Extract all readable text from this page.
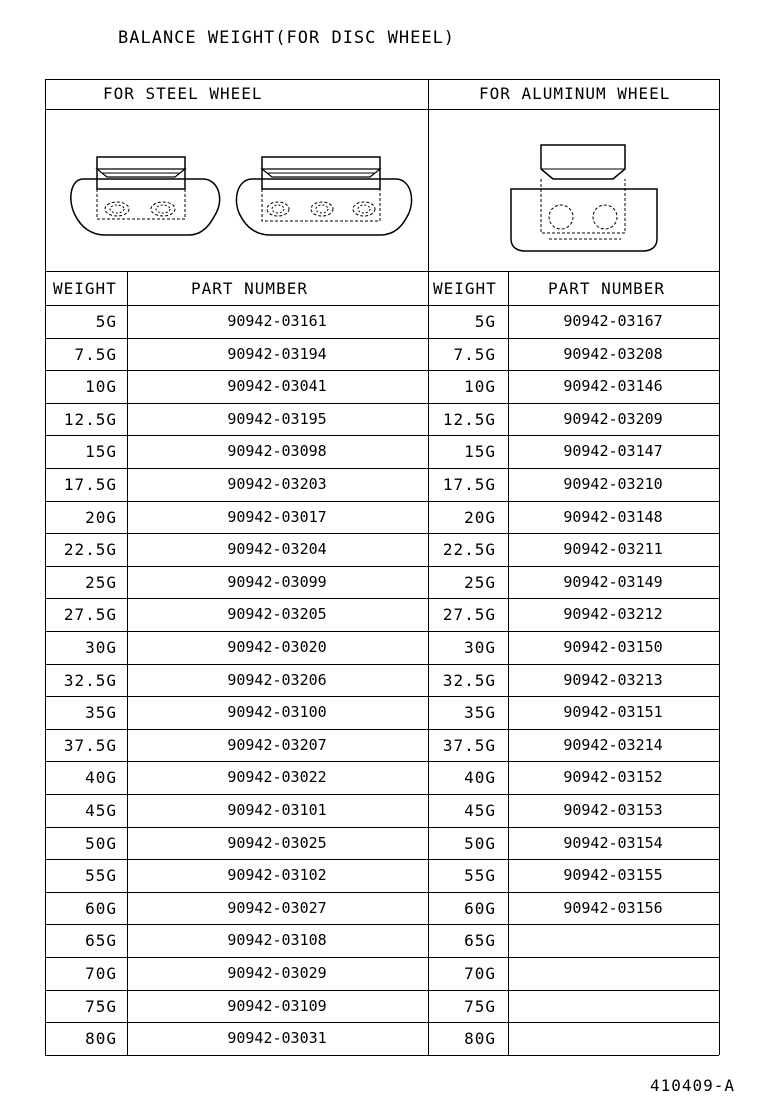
BALANCE WEIGHT(FOR DISC WHEEL)
FOR STEEL WHEEL	FOR ALUMINUM WHEEL
WEIGHT	PART NUMBER	WEIGHT	PART NUMBER
5G	90942-03161	5G	90942-03167
7.5G	90942-03194	7.5G	90942-03208
10G	90942-03041	10G	90942-03146
12.5G	90942-03195	12.5G	90942-03209
15G	90942-03098	15G	90942-03147
17.5G	90942-03203	17.5G	90942-03210
20G	90942-03017	20G	90942-03148
22.5G	90942-03204	22.5G	90942-03211
25G	90942-03099	25G	90942-03149
27.5G	90942-03205	27.5G	90942-03212
30G	90942-03020	30G	90942-03150
32.5G	90942-03206	32.5G	90942-03213
35G	90942-03100	35G	90942-03151
37.5G	90942-03207	37.5G	90942-03214
40G	90942-03022	40G	90942-03152
45G	90942-03101	45G	90942-03153
50G	90942-03025	50G	90942-03154
55G	90942-03102	55G	90942-03155
60G	90942-03027	60G	90942-03156
65G	90942-03108	65G
70G	90942-03029	70G
75G	90942-03109	75G
80G	90942-03031	80G
410409-A
